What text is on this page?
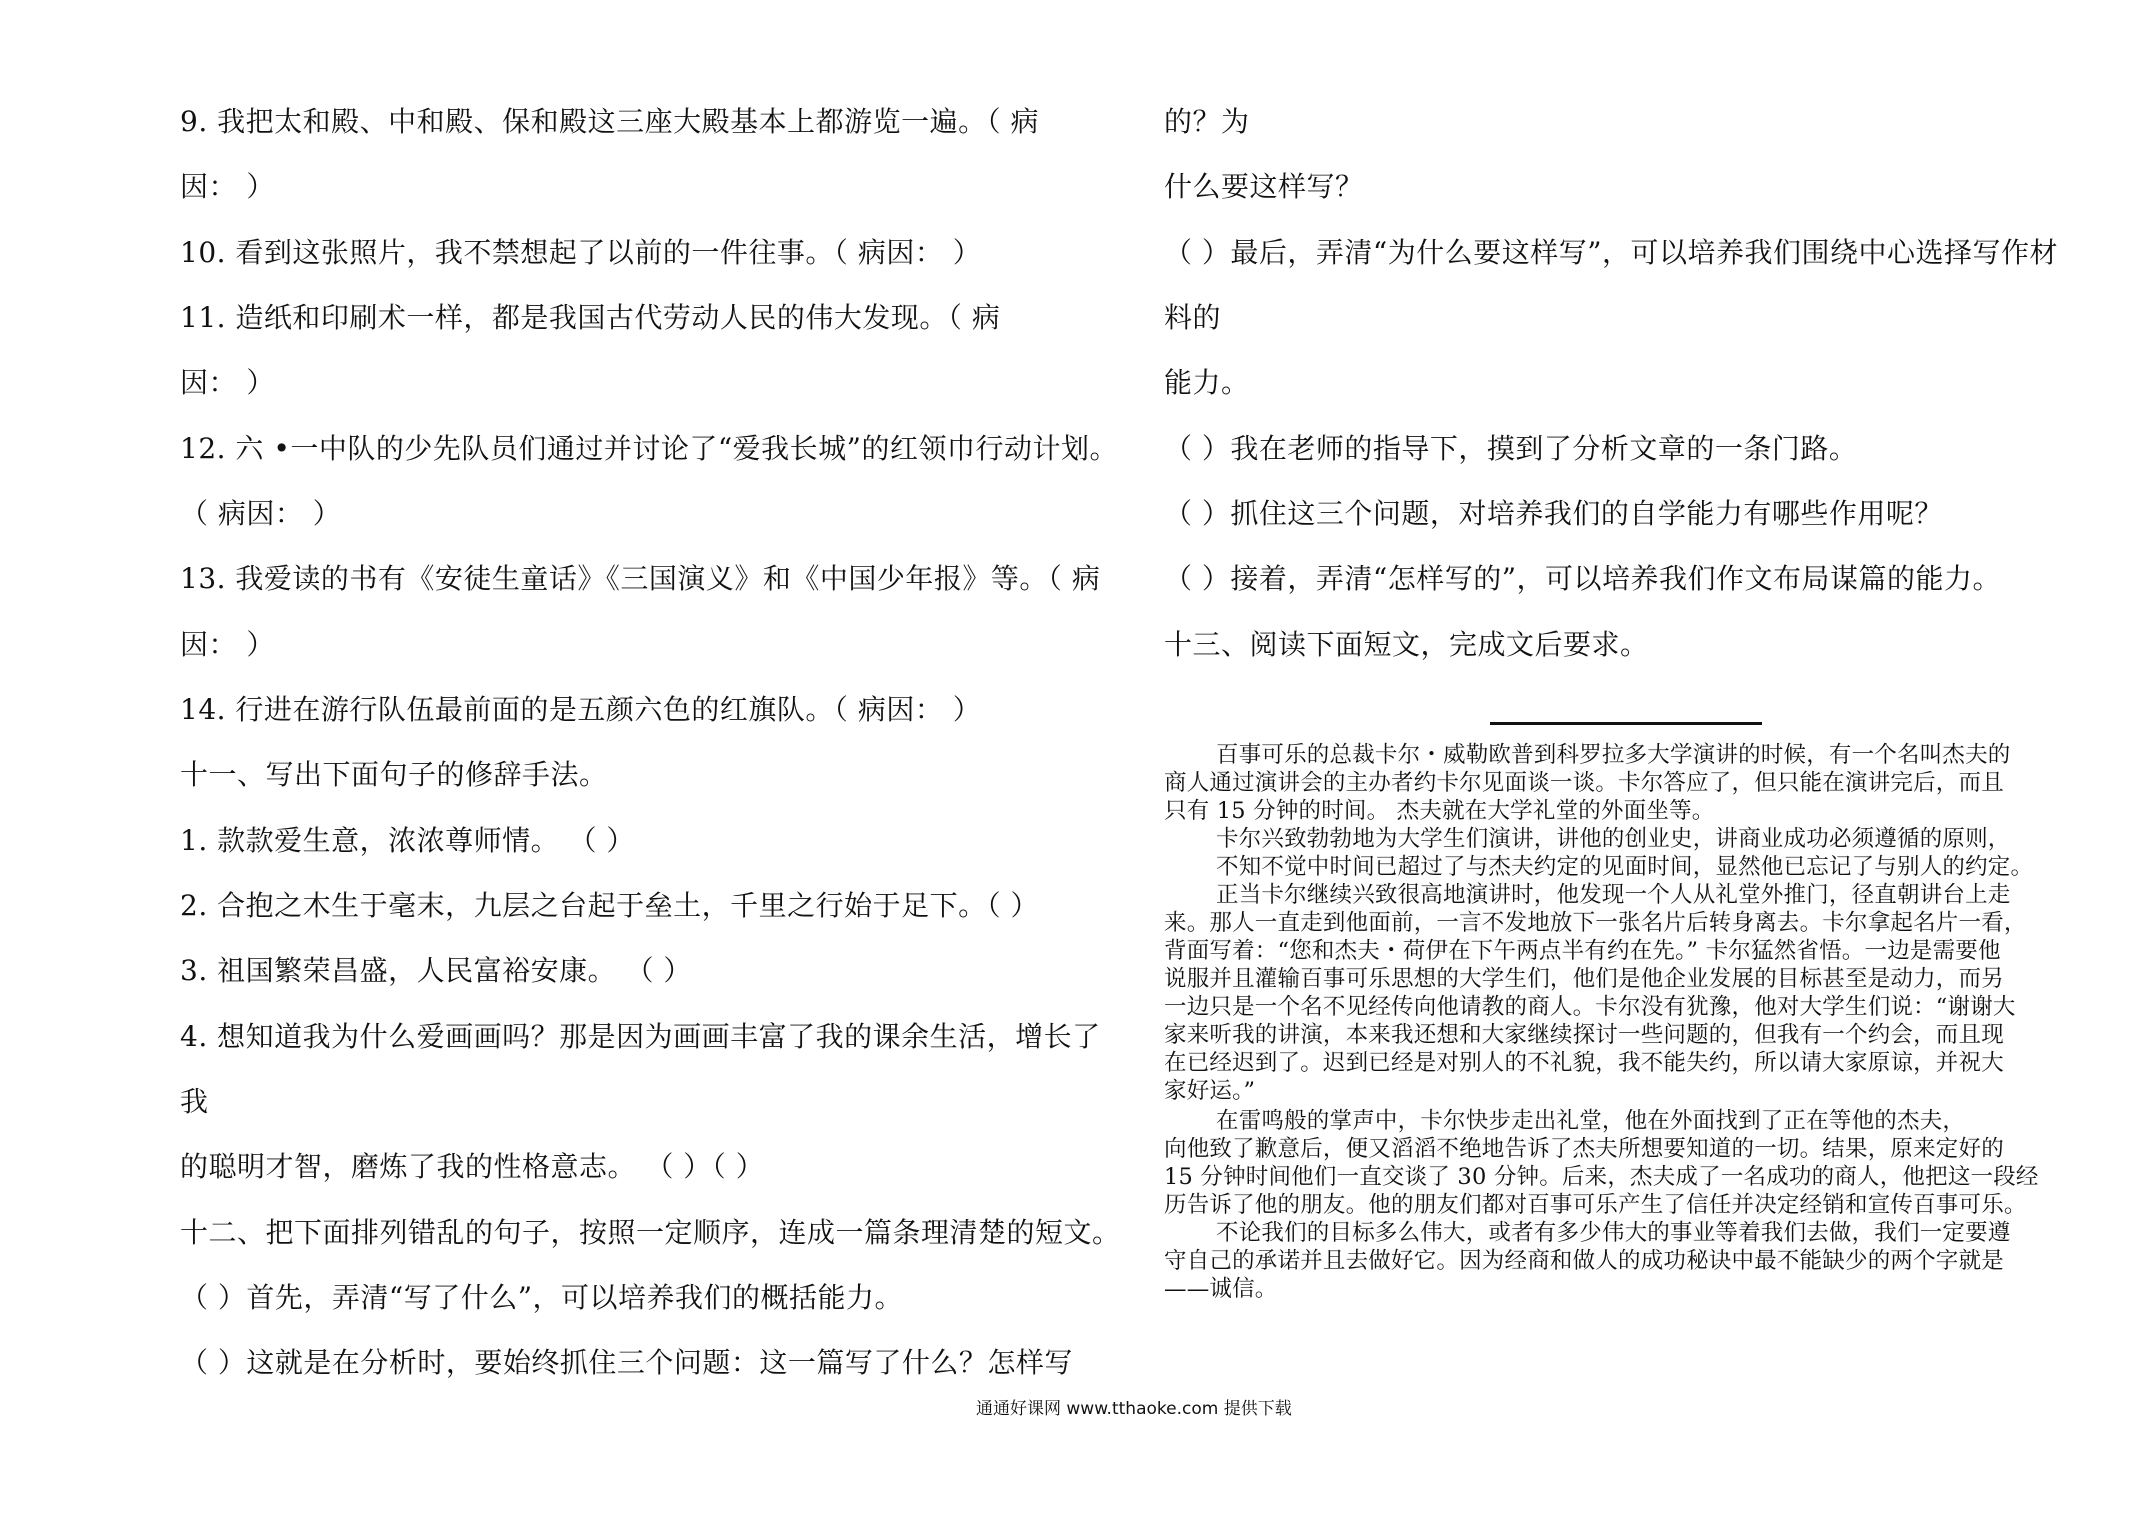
9. 我把太和殿、中和殿、保和殿这三座大殿基本上都游览一遍。（ 病
因： ）
10. 看到这张照片，我不禁想起了以前的一件往事。（ 病因： ）
11. 造纸和印刷术一样，都是我国古代劳动人民的伟大发现。（ 病
因： ）
12. 六 •一中队的少先队员们通过并讨论了“爱我长城”的红领巾行动计划。
（ 病因： ）
13. 我爱读的书有《安徒生童话》《三国演义》和《中国少年报》等。（ 病
因： ）
14. 行进在游行队伍最前面的是五颜六色的红旗队。（ 病因： ）
十一、写出下面句子的修辞手法。
1. 款款爱生意，浓浓尊师情。 （ ）
2. 合抱之木生于毫末，九层之台起于垒土，千里之行始于足下。（ ）
3. 祖国繁荣昌盛，人民富裕安康。 （ ）
4. 想知道我为什么爱画画吗？那是因为画画丰富了我的课余生活，增长了
我
的聪明才智，磨炼了我的性格意志。 （ ）（ ）
十二、把下面排列错乱的句子，按照一定顺序，连成一篇条理清楚的短文。
（ ）首先，弄清“写了什么”，可以培养我们的概括能力。
（ ）这就是在分析时，要始终抓住三个问题：这一篇写了什么？怎样写
的？为
什么要这样写？
（ ）最后，弄清“为什么要这样写”，可以培养我们围绕中心选择写作材
料的
能力。
（ ）我在老师的指导下，摸到了分析文章的一条门路。
（ ）抓住这三个问题，对培养我们的自学能力有哪些作用呢？
（ ）接着，弄清“怎样写的”，可以培养我们作文布局谋篇的能力。
十三、阅读下面短文，完成文后要求。
百事可乐的总裁卡尔・威勒欧普到科罗拉多大学演讲的时候，有一个名叫杰夫的
商人通过演讲会的主办者约卡尔见面谈一谈。卡尔答应了，但只能在演讲完后，而且
只有 15 分钟的时间。 杰夫就在大学礼堂的外面坐等。
卡尔兴致勃勃地为大学生们演讲，讲他的创业史，讲商业成功必须遵循的原则，
不知不觉中时间已超过了与杰夫约定的见面时间，显然他已忘记了与别人的约定。
正当卡尔继续兴致很高地演讲时，他发现一个人从礼堂外推门，径直朝讲台上走
来。那人一直走到他面前，一言不发地放下一张名片后转身离去。卡尔拿起名片一看，
背面写着：“您和杰夫・荷伊在下午两点半有约在先。” 卡尔猛然省悟。一边是需要他
说服并且灌输百事可乐思想的大学生们，他们是他企业发展的目标甚至是动力，而另
一边只是一个名不见经传向他请教的商人。卡尔没有犹豫，他对大学生们说：“谢谢大
家来听我的讲演，本来我还想和大家继续探讨一些问题的，但我有一个约会，而且现
在已经迟到了。迟到已经是对别人的不礼貌，我不能失约，所以请大家原谅，并祝大
家好运。”
在雷鸣般的掌声中，卡尔快步走出礼堂，他在外面找到了正在等他的杰夫，
向他致了歉意后，便又滔滔不绝地告诉了杰夫所想要知道的一切。结果，原来定好的
15 分钟时间他们一直交谈了 30 分钟。后来，杰夫成了一名成功的商人，他把这一段经
历告诉了他的朋友。他的朋友们都对百事可乐产生了信任并决定经销和宣传百事可乐。
不论我们的目标多么伟大，或者有多少伟大的事业等着我们去做，我们一定要遵
守自己的承诺并且去做好它。因为经商和做人的成功秘诀中最不能缺少的两个字就是
——诚信。
通通好课网 www.tthaoke.com 提供下载
